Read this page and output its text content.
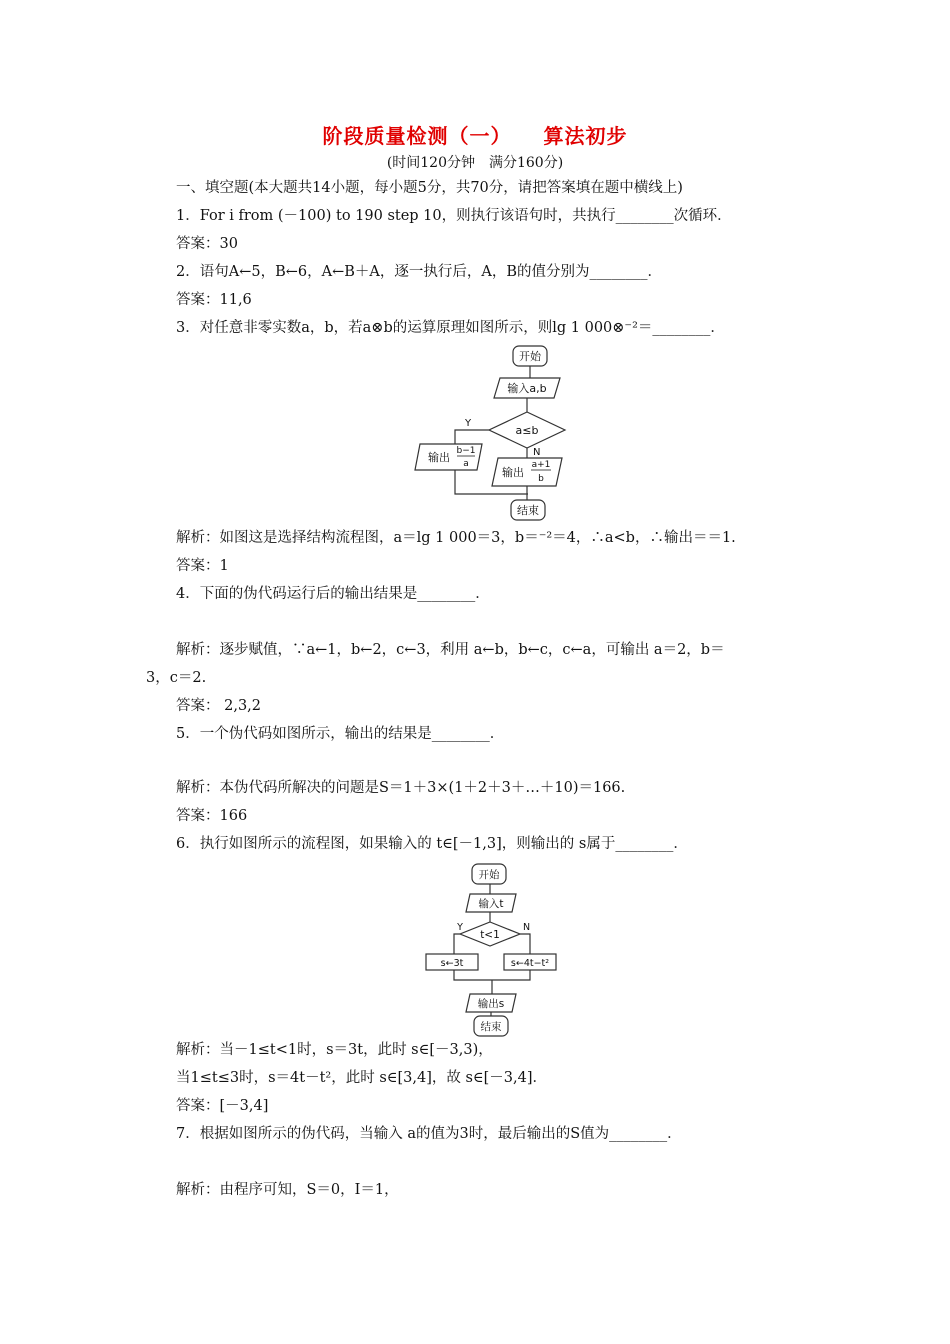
阶段质量检测（一）　　算法初步
(时间120分钟　满分160分)
一、填空题(本大题共14小题，每小题5分，共70分，请把答案填在题中横线上)
1．For i from (－100) to 190 step 10，则执行该语句时，共执行________次循环．
答案：30
2．语句A←5，B←6，A←B＋A，逐一执行后，A，B的值分别为________．
答案：11,6
3．对任意非零实数a，b，若a⊗b的运算原理如图所示，则lg 1 000⊗⁻²＝________．
开始
输入a,b
a≤b
Y
N
输出 b−1
a
输出
a+1
b
结束
解析：如图这是选择结构流程图，a＝lg 1 000＝3，b＝⁻²＝4，∴a<b，∴输出＝＝1.
答案：1
4．下面的伪代码运行后的输出结果是________．
解析：逐步赋值，∵a←1，b←2，c←3，利用 a←b，b←c，c←a，可输出 a＝2，b＝
3，c＝2.
答案： 2,3,2
5．一个伪代码如图所示，输出的结果是________．
解析：本伪代码所解决的问题是S＝1＋3×(1＋2＋3＋…＋10)＝166.
答案：166
6．执行如图所示的流程图，如果输入的 t∈[－1,3]，则输出的 s属于________．
开始
输入t
t<1
Y	N
s←3t	s←4t−t²
输出s
结束
解析：当－1≤t<1时，s＝3t，此时 s∈[－3,3)，
当1≤t≤3时，s＝4t－t²，此时 s∈[3,4]，故 s∈[－3,4]．
答案：[－3,4]
7．根据如图所示的伪代码，当输入 a的值为3时，最后输出的S值为________．
解析：由程序可知，S＝0，I＝1，
